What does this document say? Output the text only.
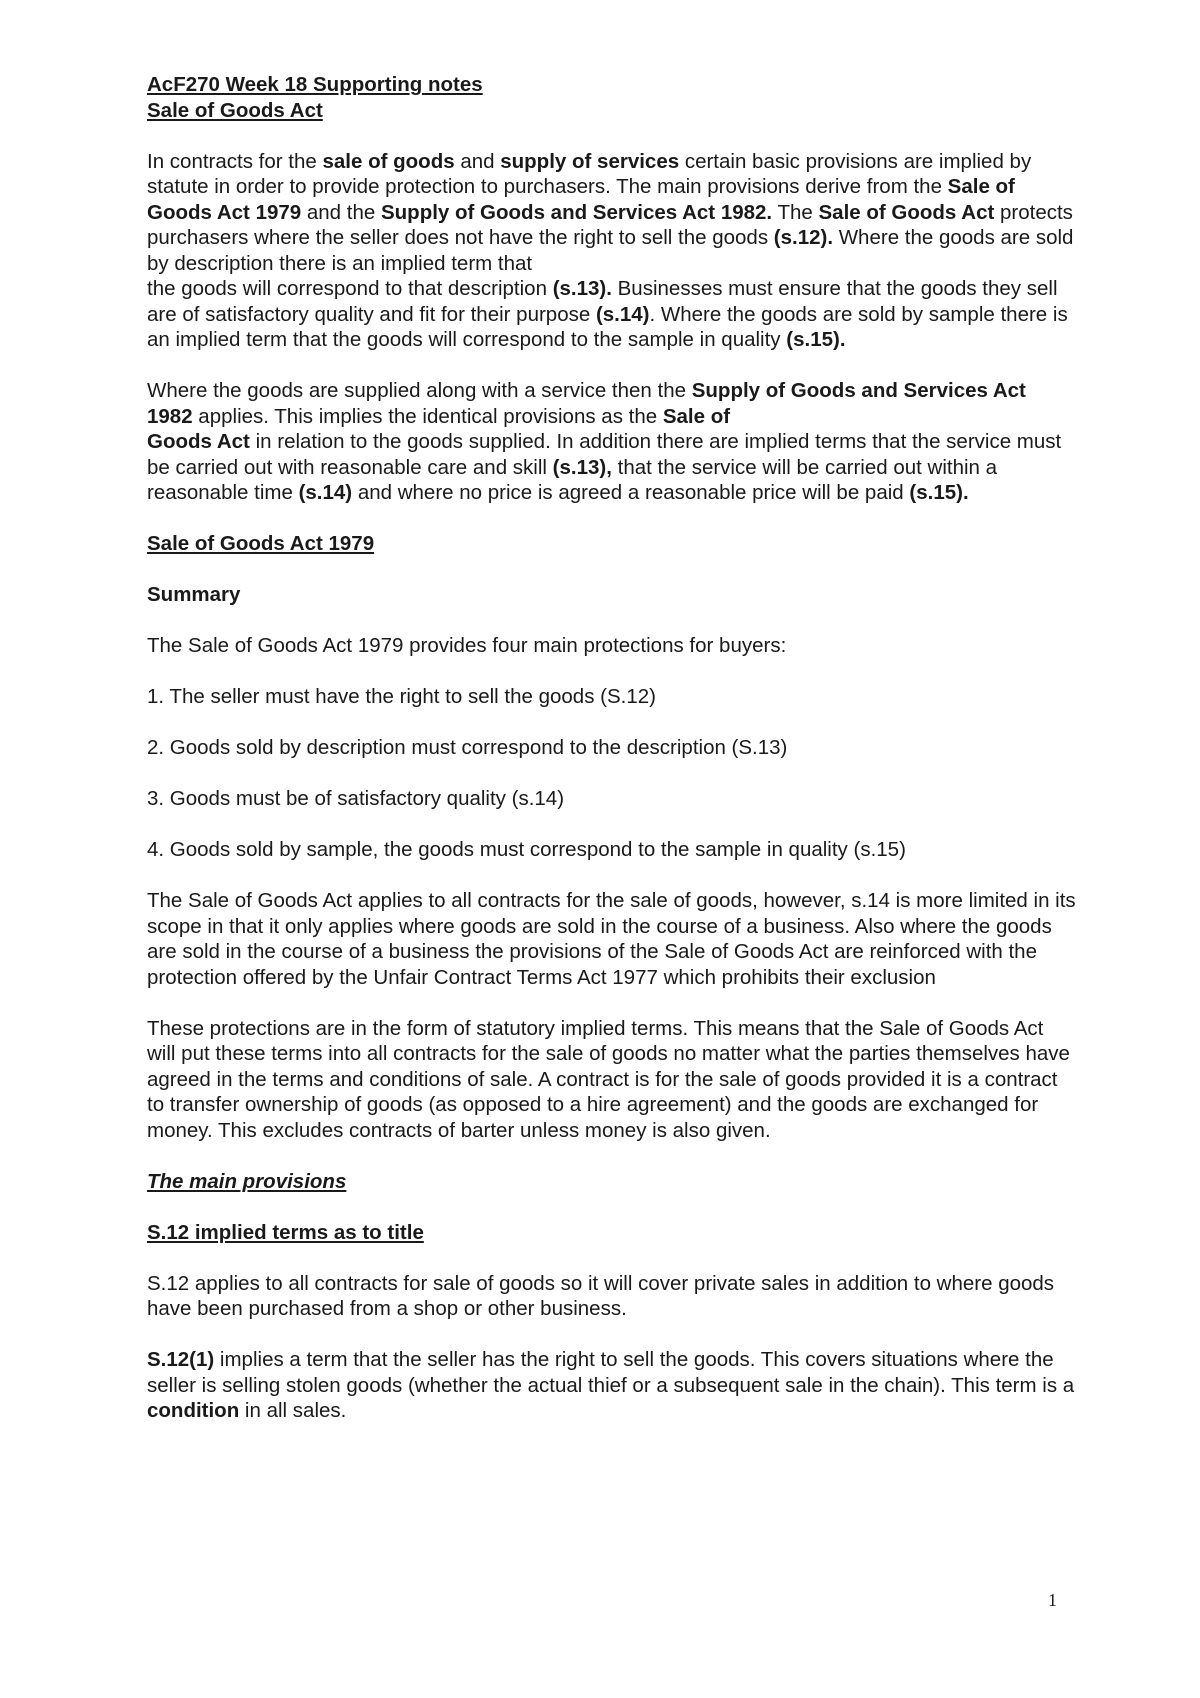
AcF270 Week 18 Supporting notes

Sale of Goods Act

In contracts for the sale of goods and supply of services certain basic provisions are implied by statute in order to provide protection to purchasers. The main provisions derive from the Sale of Goods Act 1979 and the Supply of Goods and Services Act 1982. The Sale of Goods Act protects purchasers where the seller does not have the right to sell the goods (s.12). Where the goods are sold by description there is an implied term that
the goods will correspond to that description (s.13). Businesses must ensure that the goods they sell are of satisfactory quality and fit for their purpose (s.14). Where the goods are sold by sample there is an implied term that the goods will correspond to the sample in quality (s.15).

Where the goods are supplied along with a service then the Supply of Goods and Services Act 1982 applies. This implies the identical provisions as the Sale of
Goods Act in relation to the goods supplied. In addition there are implied terms that the service must be carried out with reasonable care and skill (s.13), that the service will be carried out within a reasonable time (s.14) and where no price is agreed a reasonable price will be paid (s.15).

Sale of Goods Act 1979

Summary

The Sale of Goods Act 1979 provides four main protections for buyers:

1. The seller must have the right to sell the goods (S.12)

2. Goods sold by description must correspond to the description (S.13)

3. Goods must be of satisfactory quality (s.14)

4. Goods sold by sample, the goods must correspond to the sample in quality (s.15)

The Sale of Goods Act applies to all contracts for the sale of goods, however, s.14 is more limited in its scope in that it only applies where goods are sold in the course of a business. Also where the goods are sold in the course of a business the provisions of the Sale of Goods Act are reinforced with the protection offered by the Unfair Contract Terms Act 1977 which prohibits their exclusion

These protections are in the form of statutory implied terms. This means that the Sale of Goods Act will put these terms into all contracts for the sale of goods no matter what the parties themselves have agreed in the terms and conditions of sale. A contract is for the sale of goods provided it is a contract to transfer ownership of goods (as opposed to a hire agreement) and the goods are exchanged for money. This excludes contracts of barter unless money is also given.

The main provisions

S.12 implied terms as to title

S.12 applies to all contracts for sale of goods so it will cover private sales in addition to where goods have been purchased from a shop or other business.

S.12(1) implies a term that the seller has the right to sell the goods. This covers situations where the seller is selling stolen goods (whether the actual thief or a subsequent sale in the chain). This term is a condition in all sales.

1
